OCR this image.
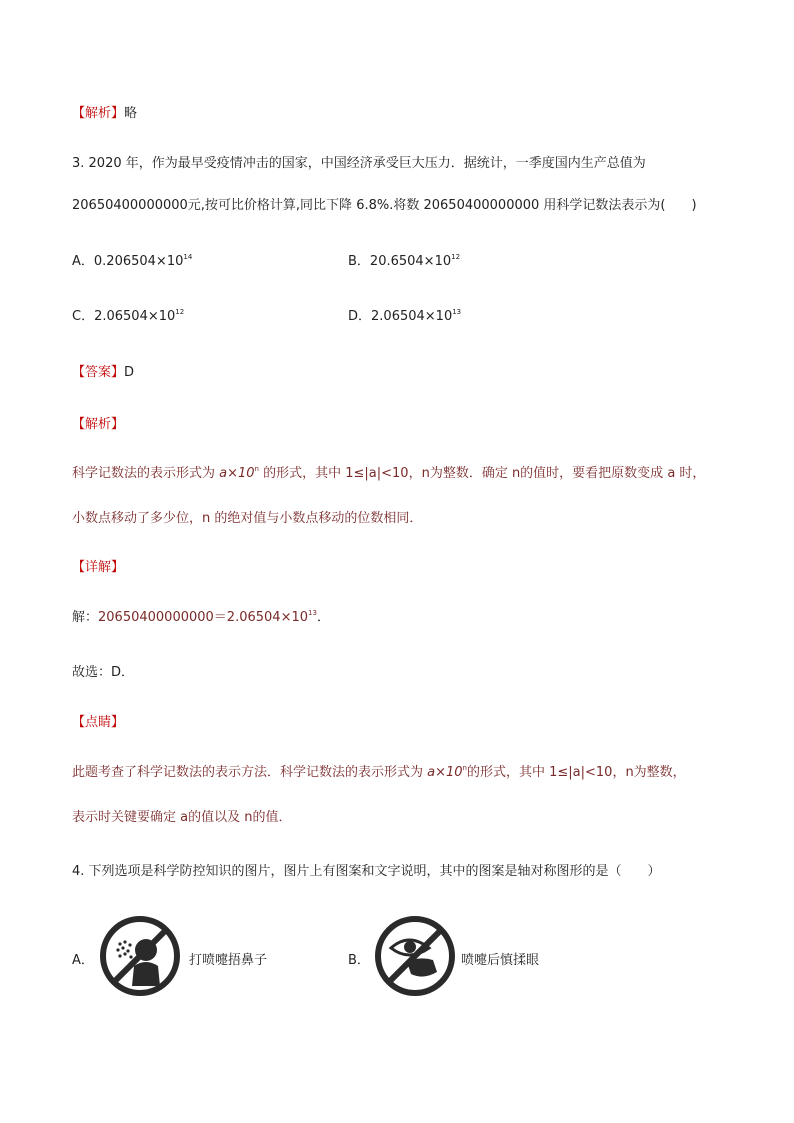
【解析】略
3. 2020 年，作为最早受疫情冲击的国家，中国经济承受巨大压力．据统计，一季度国内生产总值为
20650400000000元,按可比价格计算,同比下降 6.8%.将数 20650400000000 用科学记数法表示为(　　)
A．$0.206504\times 10^{14}$	B．$20.6504\times 10^{12}$
C．$2.06504\times 10^{12}$	D．$2.06504\times 10^{13}$
【答案】D
【解析】
科学记数法的表示形式为 $a\times 10^n$ 的形式，其中 1≤|a|<10，n为整数．确定 n的值时，要看把原数变成 a 时，
小数点移动了多少位，n 的绝对值与小数点移动的位数相同．
【详解】
解：$20650400000000=2.06504\times 10^{13}$．
故选：D．
【点睛】
此题考查了科学记数法的表示方法．科学记数法的表示形式为 $a\times 10^n$的形式，其中 1≤|a|<10，n为整数，
表示时关键要确定 a的值以及 n的值．
4. 下列选项是科学防控知识的图片，图片上有图案和文字说明，其中的图案是轴对称图形的是（　　）
A．	打喷嚏捂鼻子	B．	喷嚏后慎揉眼
